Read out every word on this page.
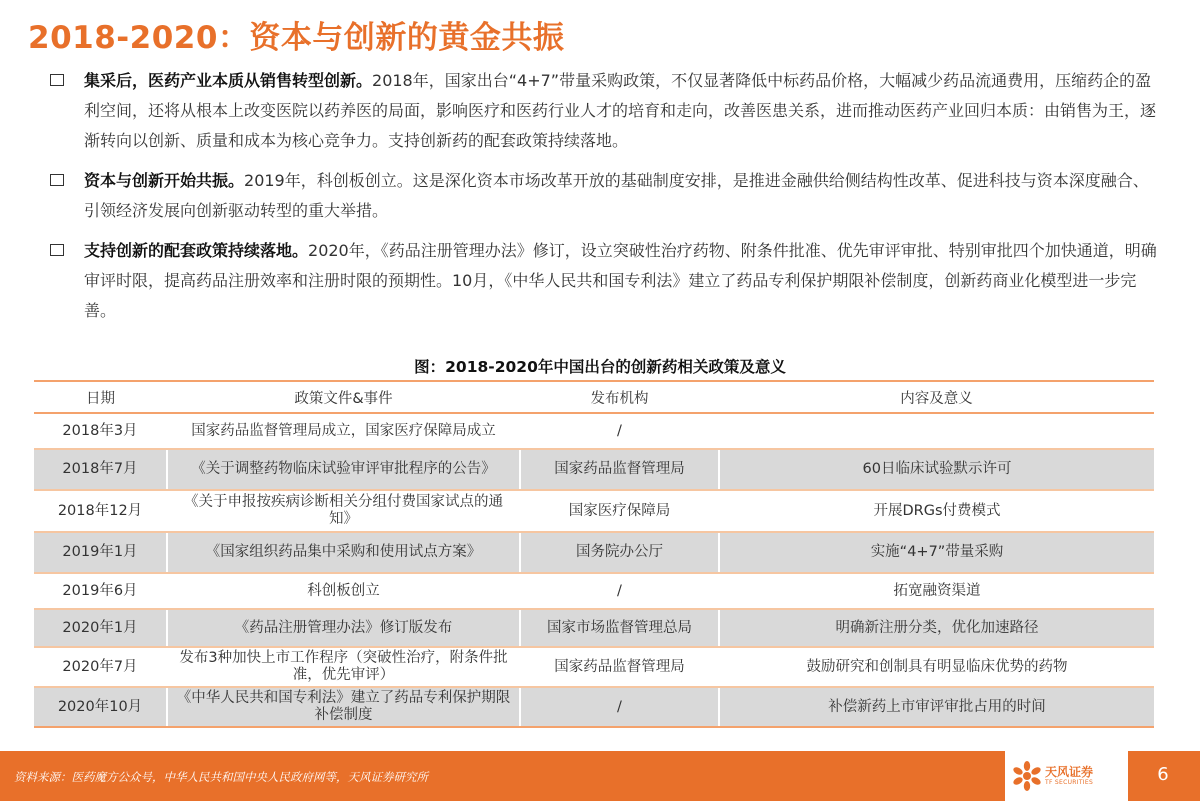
2018-2020：资本与创新的黄金共振

集采后，医药产业本质从销售转型创新。2018年，国家出台“4+7”带量采购政策，不仅显著降低中标药品价格，大幅减少药品流通费用，压缩药企的盈利空间，还将从根本上改变医院以药养医的局面，影响医疗和医药行业人才的培育和走向，改善医患关系，进而推动医药产业回归本质：由销售为王，逐渐转向以创新、质量和成本为核心竞争力。支持创新药的配套政策持续落地。

资本与创新开始共振。2019年，科创板创立。这是深化资本市场改革开放的基础制度安排，是推进金融供给侧结构性改革、促进科技与资本深度融合、引领经济发展向创新驱动转型的重大举措。

支持创新的配套政策持续落地。2020年，《药品注册管理办法》修订，设立突破性治疗药物、附条件批准、优先审评审批、特别审批四个加快通道，明确审评时限，提高药品注册效率和注册时限的预期性。10月，《中华人民共和国专利法》建立了药品专利保护期限补偿制度，创新药商业化模型进一步完善。

图：2018-2020年中国出台的创新药相关政策及意义
日期	政策文件&事件	发布机构	内容及意义
2018年3月	国家药品监督管理局成立，国家医疗保障局成立	/	
2018年7月	《关于调整药物临床试验审评审批程序的公告》	国家药品监督管理局	60日临床试验默示许可
2018年12月	《关于申报按疾病诊断相关分组付费国家试点的通知》	国家医疗保障局	开展DRGs付费模式
2019年1月	《国家组织药品集中采购和使用试点方案》	国务院办公厅	实施“4+7”带量采购
2019年6月	科创板创立	/	拓宽融资渠道
2020年1月	《药品注册管理办法》修订版发布	国家市场监督管理总局	明确新注册分类，优化加速路径
2020年7月	发布3种加快上市工作程序（突破性治疗，附条件批准，优先审评）	国家药品监督管理局	鼓励研究和创制具有明显临床优势的药物
2020年10月	《中华人民共和国专利法》建立了药品专利保护期限补偿制度	/	补偿新药上市审评审批占用的时间
资料来源：医药魔方公众号，中华人民共和国中央人民政府网等，天风证券研究所	天风证券
TF SECURITIES	6
